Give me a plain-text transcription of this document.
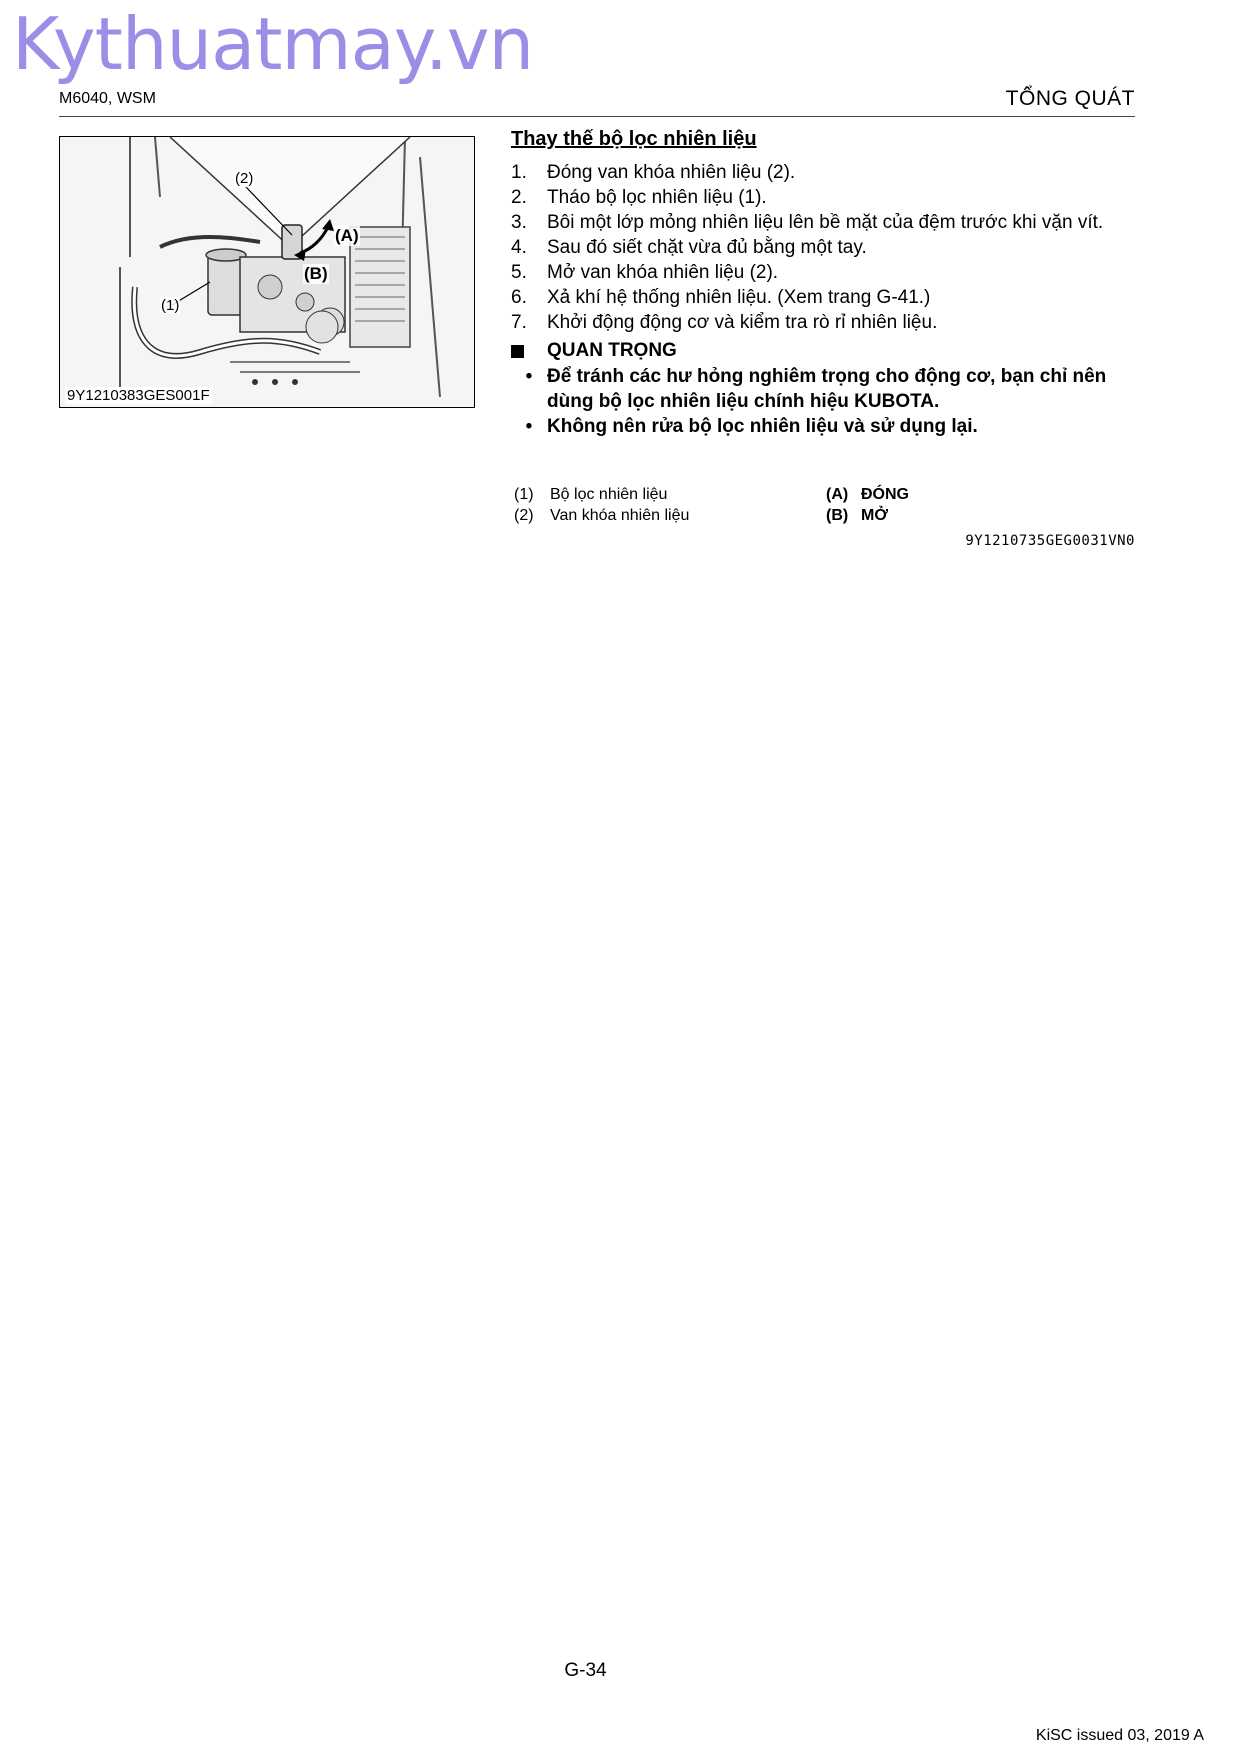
Kythuatmay.vn
M6040, WSM	TỔNG QUÁT
(2)
(1)
(A)
(B)
9Y1210383GES001F
Thay thế bộ lọc nhiên liệu
1.	Đóng van khóa nhiên liệu (2).
2.	Tháo bộ lọc nhiên liệu (1).
3.	Bôi một lớp mỏng nhiên liệu lên bề mặt của đệm trước khi vặn vít.
4.	Sau đó siết chặt vừa đủ bằng một tay.
5.	Mở van khóa nhiên liệu (2).
6.	Xả khí hệ thống nhiên liệu. (Xem trang G-41.)
7.	Khởi động động cơ và kiểm tra rò rỉ nhiên liệu.
QUAN TRỌNG
• Để tránh các hư hỏng nghiêm trọng cho động cơ, bạn chỉ nên dùng bộ lọc nhiên liệu chính hiệu KUBOTA.
• Không nên rửa bộ lọc nhiên liệu và sử dụng lại.
(1)	Bộ lọc nhiên liệu	(A) ĐÓNG
(2)	Van khóa nhiên liệu	(B) MỞ
9Y1210735GEG0031VN0
G-34
KiSC issued 03, 2019 A
